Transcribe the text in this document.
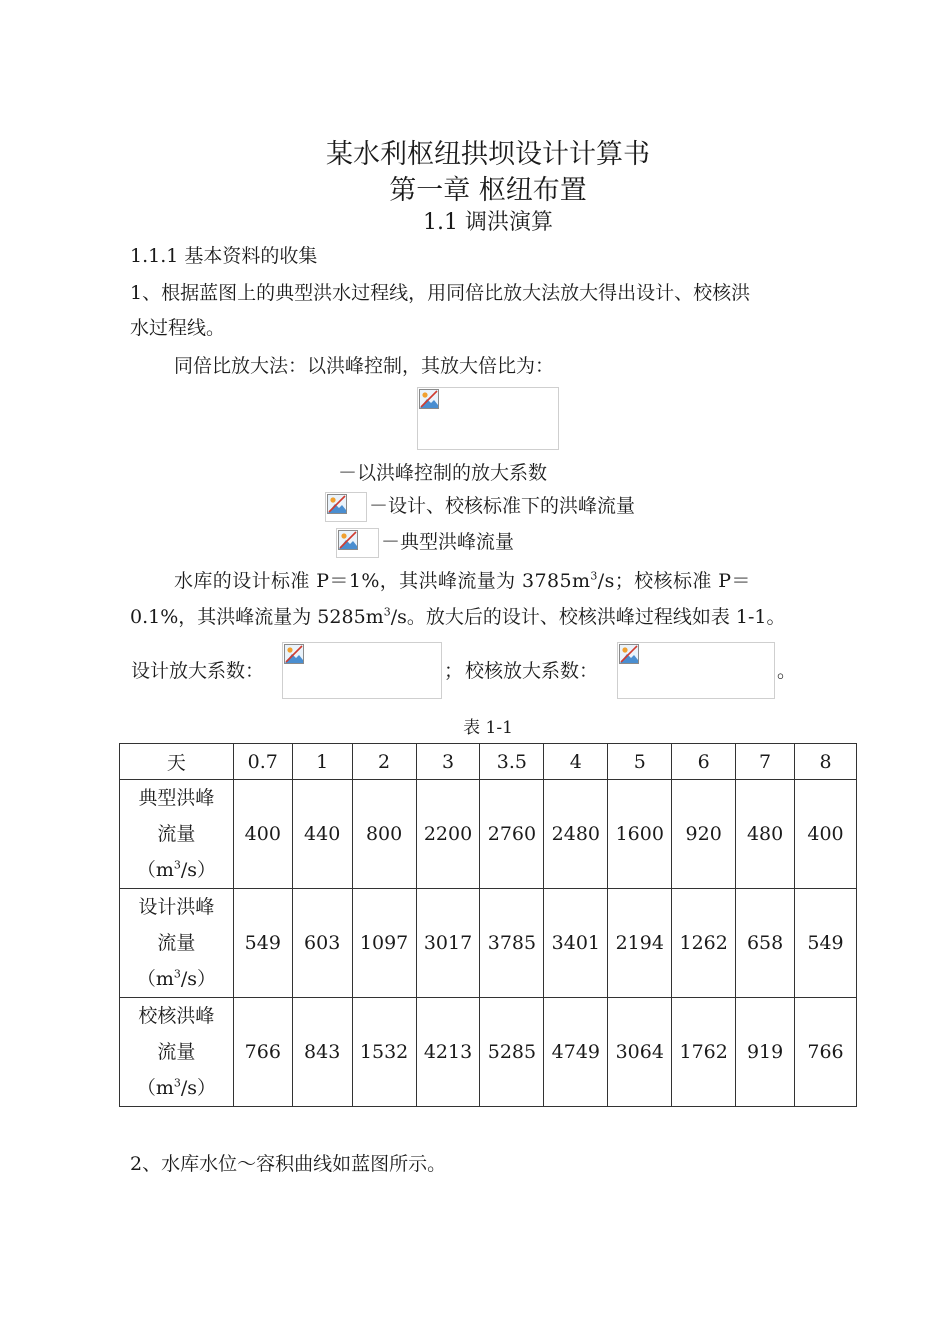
某水利枢纽拱坝设计计算书
第一章 枢纽布置
1.1 调洪演算
1.1.1 基本资料的收集
1、根据蓝图上的典型洪水过程线，用同倍比放大法放大得出设计、校核洪
水过程线。
同倍比放大法：以洪峰控制，其放大倍比为：
－以洪峰控制的放大系数
－设计、校核标准下的洪峰流量
－典型洪峰流量
水库的设计标准 P＝1%，其洪峰流量为 $3785m^3/s$；校核标准 P＝
0.1%，其洪峰流量为 $5285m^3/s$。放大后的设计、校核洪峰过程线如表 1-1。
设计放大系数：	； 校核放大系数：	。
表 1-1
天	0.7	1	2	3	3.5	4	5	6	7	8

典型洪峰
流量
$(m^3/s)$	400	440	800	2200	2760	2480	1600	920	480	400

设计洪峰
流量
$(m^3/s)$	549	603	1097	3017	3785	3401	2194	1262	658	549

校核洪峰
流量
$(m^3/s)$	766	843	1532	4213	5285	4749	3064	1762	919	766
2、水库水位～容积曲线如蓝图所示。
